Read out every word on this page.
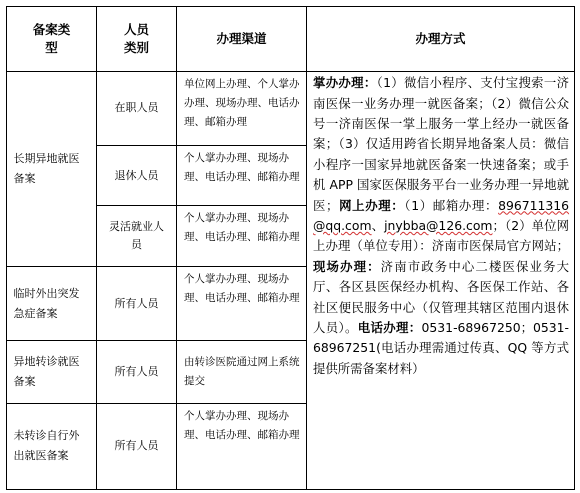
备案类型	人员类别	办理渠道	办理方式
长期异地就医备案	在职人员	单位网上办理、个人掌办办理、现场办理、电话办理、邮箱办理	掌办办理：（1）微信小程序、支付宝搜索一济南医保一业务办理一就医备案；（2）微信公众号一济南医保一掌上服务一掌上经办一就医备案；（3）仅适用跨省长期异地备案人员：微信小程序一国家异地就医备案一快速备案；或手机 APP 国家医保服务平台一业务办理一异地就医；网上办理：（1）邮箱办理：896711316@qq.com、jnybba@126.com；（2）单位网上办理（单位专用）：济南市医保局官方网站；现场办理：济南市政务中心二楼医保业务大厅、各区县医保经办机构、各医保工作站、各社区便民服务中心（仅管理其辖区范围内退休人员）。电话办理：0531-68967250；0531-68967251(电话办理需通过传真、QQ 等方式提供所需备案材料）
	退休人员	个人掌办办理、现场办理、电话办理、邮箱办理	

	灵活就业人员	个人掌办办理、现场办理、电话办理、邮箱办理	
临时外出突发急症备案	所有人员	个人掌办办理、现场办理、电话办理、邮箱办理	
异地转诊就医备案	所有人员	由转诊医院通过网上系统提交	
未转诊自行外出就医备案	所有人员	个人掌办办理、现场办理、电话办理、邮箱办理	
